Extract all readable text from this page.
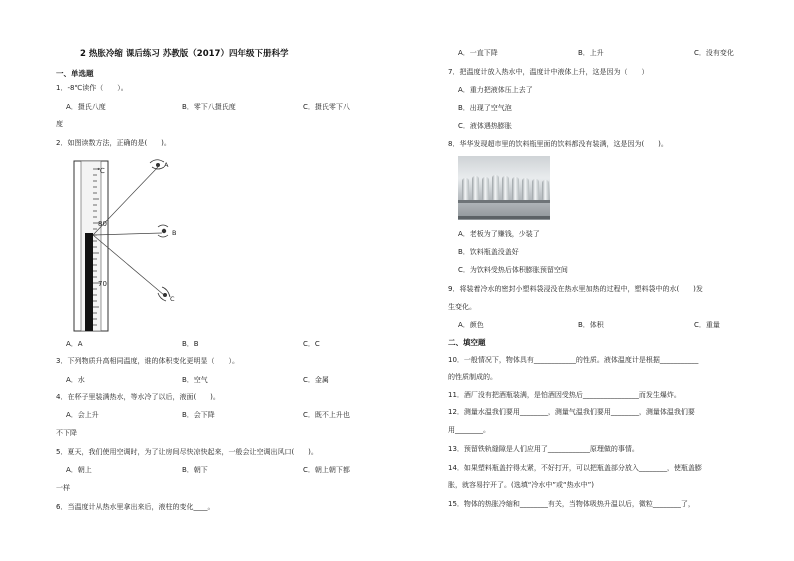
2 热胀冷缩 课后练习 苏教版（2017）四年级下册科学
一、单选题
1．-8℃读作（　　）。
A．摄氏八度	B．零下八摄氏度	C．摄氏零下八
度
2．如图读数方法，正确的是(　　)。
℃
80
70
A
B
C
A．A	B．B	C．C
3．下列物质升高相同温度，谁的体积变化更明显（　　）。
A．水	B．空气	C．金属
4．在杯子里装满热水，等水冷了以后，液面(　　)。
A．会上升	B．会下降	C．既不上升也
不下降
5．夏天，我们使用空调时，为了让房间尽快凉快起来，一般会让空调出风口(　　)。
A．朝上	B．朝下	C．朝上朝下都
一样
6．当温度计从热水里拿出来后，液柱的变化____。
A．一直下降	B．上升	C．没有变化
7．把温度计放入热水中，温度计中液体上升，这是因为（　　）
A．重力把液体压上去了
B．出现了空气泡
C．液体遇热膨胀
8．华华发现超市里的饮料瓶里面的饮料都没有装满，这是因为(　　)。
A．老板为了赚钱，少装了
B．饮料瓶盖没盖好
C．为饮料受热后体积膨胀预留空间
9．将装着冷水的密封小塑料袋浸没在热水里加热的过程中，塑料袋中的水(　　)发
生变化。
A．颜色	B．体积	C．重量
二、填空题
10．一般情况下，物体具有____________的性质。液体温度计是根据___________
的性质制成的。
11．酒厂没有把酒瓶装满，是怕酒因受热后________________而发生爆炸。
12．测量水温我们要用________，测量气温我们要用________，测量体温我们要
用________。
13．预留铁轨缝隙是人们应用了____________原理做的事情。
14．如果塑料瓶盖拧得太紧，不好打开，可以把瓶盖部分放入________，使瓶盖膨
胀，就容易拧开了。(选填“冷水中”或“热水中”)
15．物体的热胀冷缩和________有关，当物体吸热升温以后，微粒________了，
